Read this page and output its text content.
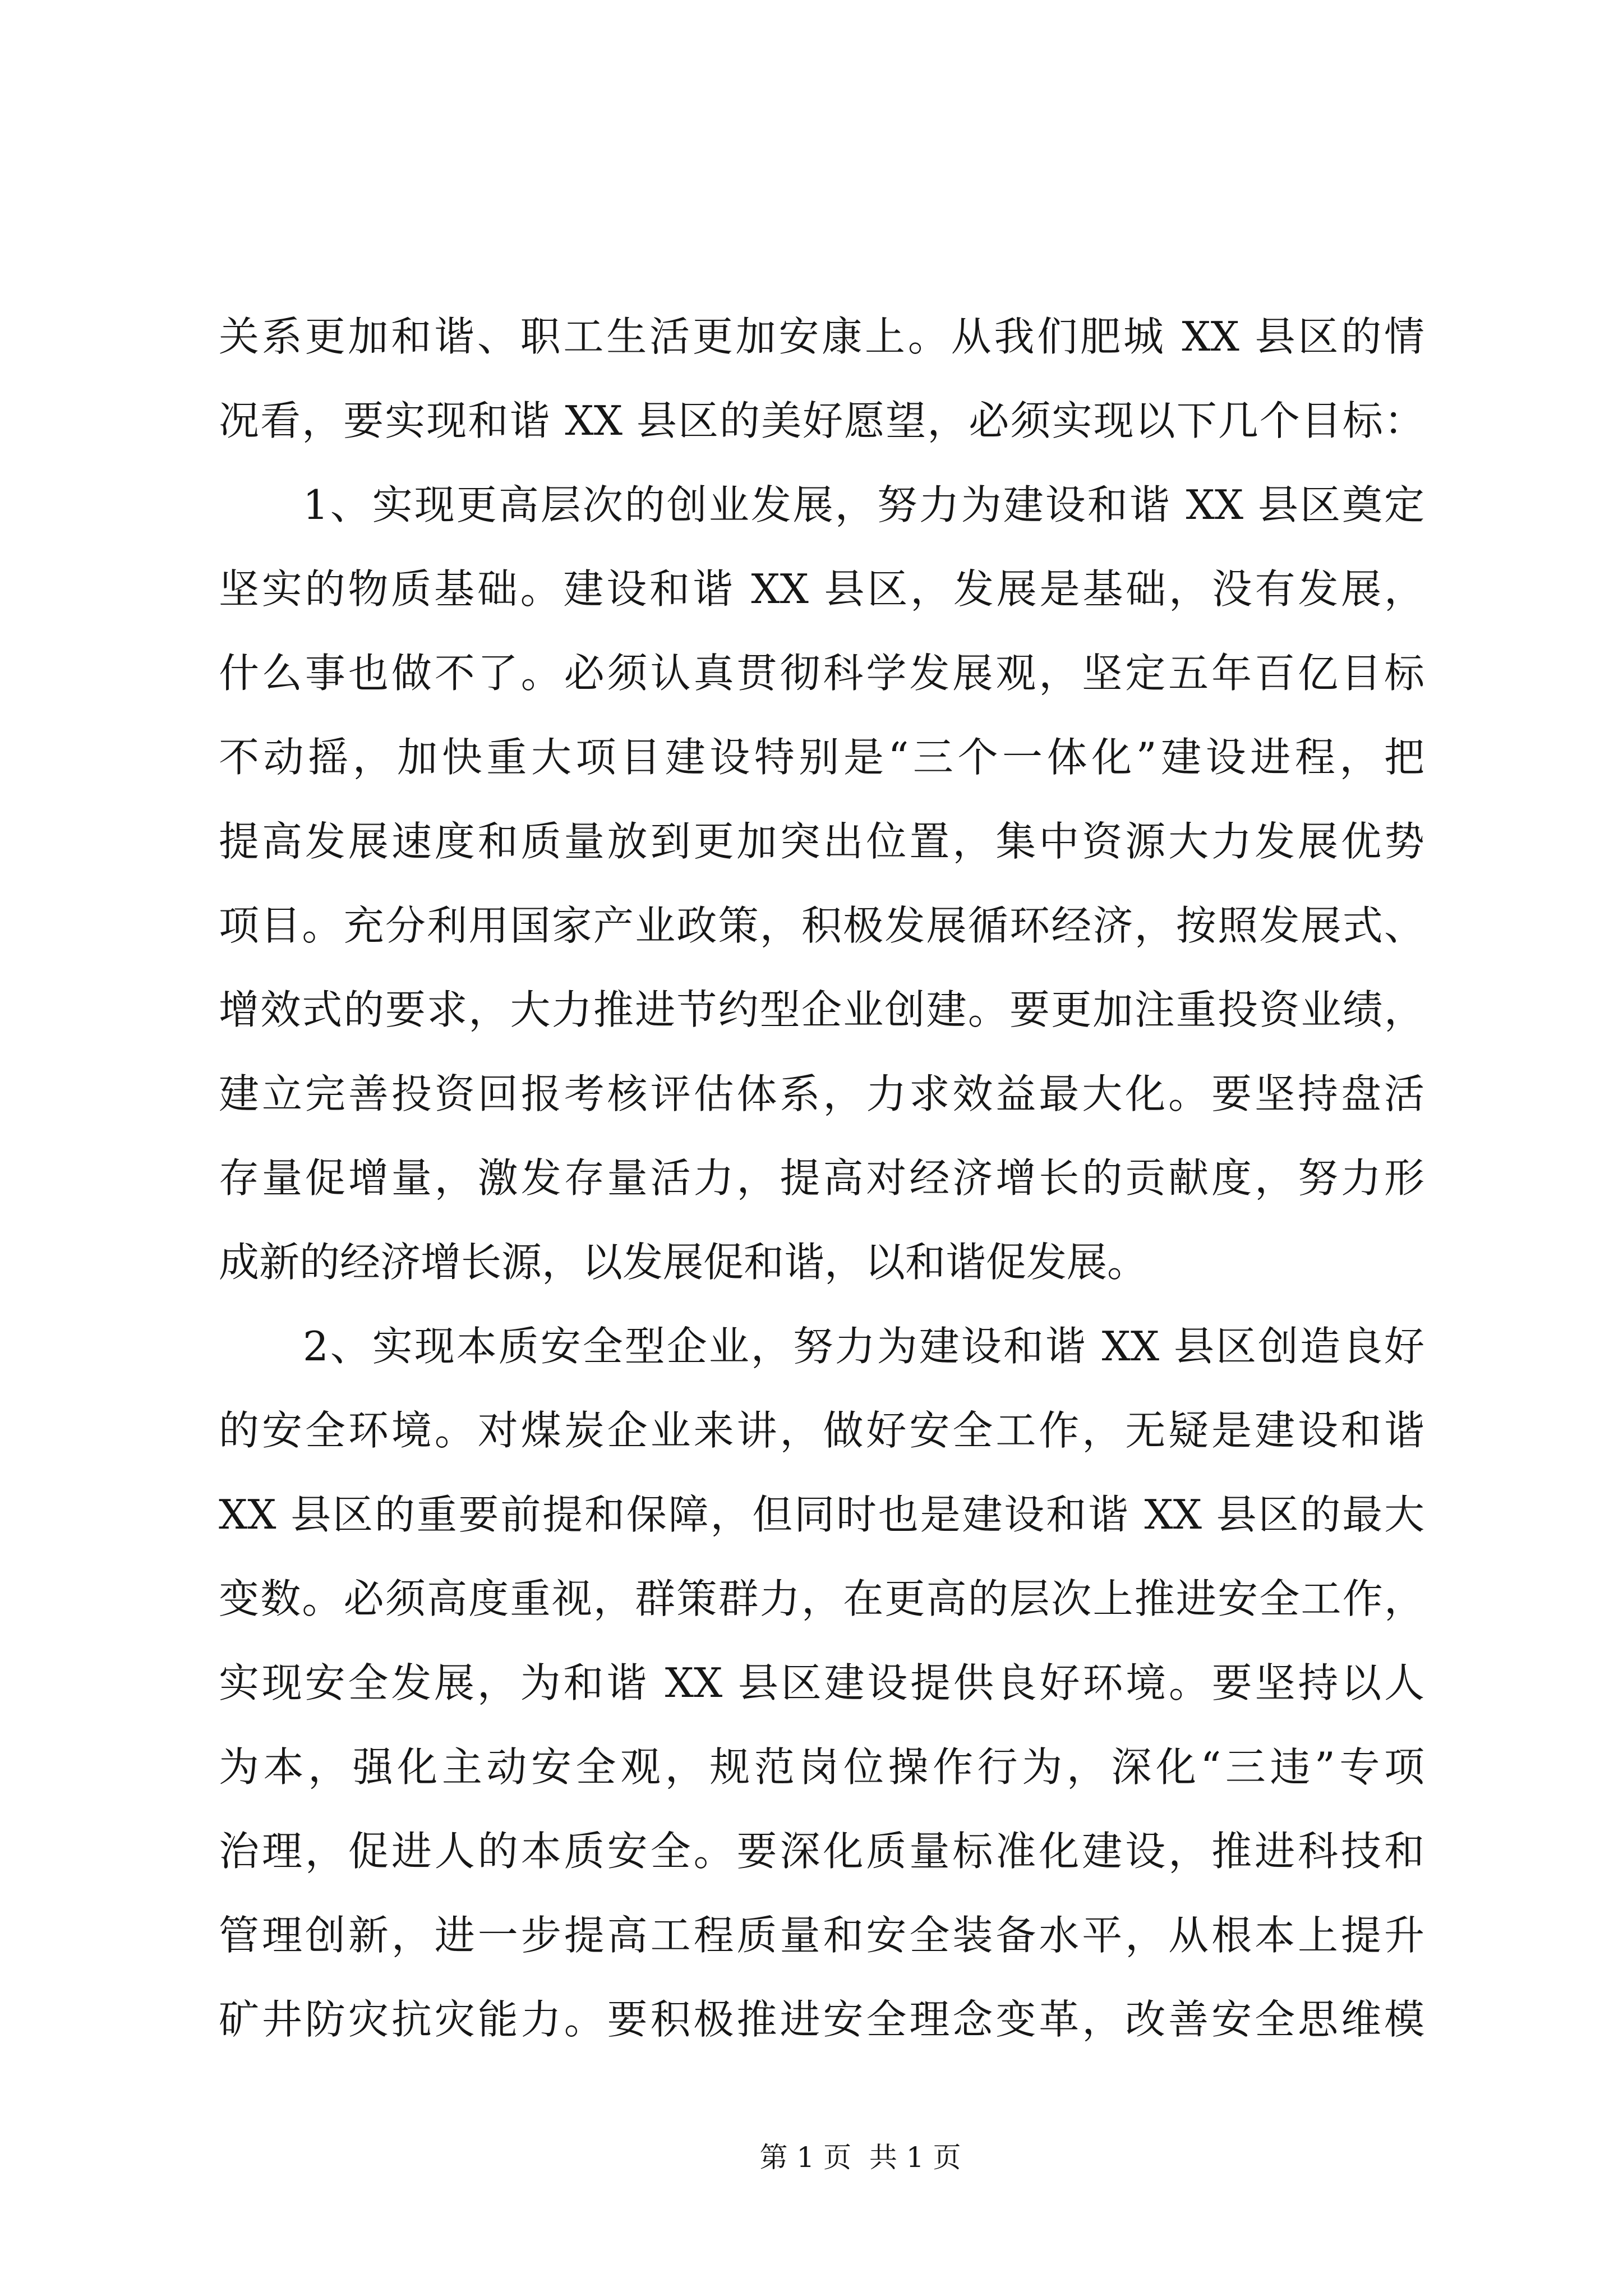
关系更加和谐、职工生活更加安康上。从我们肥城 XX 县区的情
况看，要实现和谐 XX 县区的美好愿望，必须实现以下几个目标：
1、实现更高层次的创业发展，努力为建设和谐 XX 县区奠定
坚实的物质基础。建设和谐 XX 县区，发展是基础，没有发展，
什么事也做不了。必须认真贯彻科学发展观，坚定五年百亿目标
不动摇，加快重大项目建设特别是“三个一体化”建设进程，把
提高发展速度和质量放到更加突出位置，集中资源大力发展优势
项目。充分利用国家产业政策，积极发展循环经济，按照发展式、
增效式的要求，大力推进节约型企业创建。要更加注重投资业绩，
建立完善投资回报考核评估体系，力求效益最大化。要坚持盘活
存量促增量，激发存量活力，提高对经济增长的贡献度，努力形
成新的经济增长源，以发展促和谐，以和谐促发展。
2、实现本质安全型企业，努力为建设和谐 XX 县区创造良好
的安全环境。对煤炭企业来讲，做好安全工作，无疑是建设和谐
XX 县区的重要前提和保障，但同时也是建设和谐 XX 县区的最大
变数。必须高度重视，群策群力，在更高的层次上推进安全工作，
实现安全发展，为和谐 XX 县区建设提供良好环境。要坚持以人
为本，强化主动安全观，规范岗位操作行为，深化“三违”专项
治理，促进人的本质安全。要深化质量标准化建设，推进科技和
管理创新，进一步提高工程质量和安全装备水平，从根本上提升
矿井防灾抗灾能力。要积极推进安全理念变革，改善安全思维模
第 1 页  共 1 页
